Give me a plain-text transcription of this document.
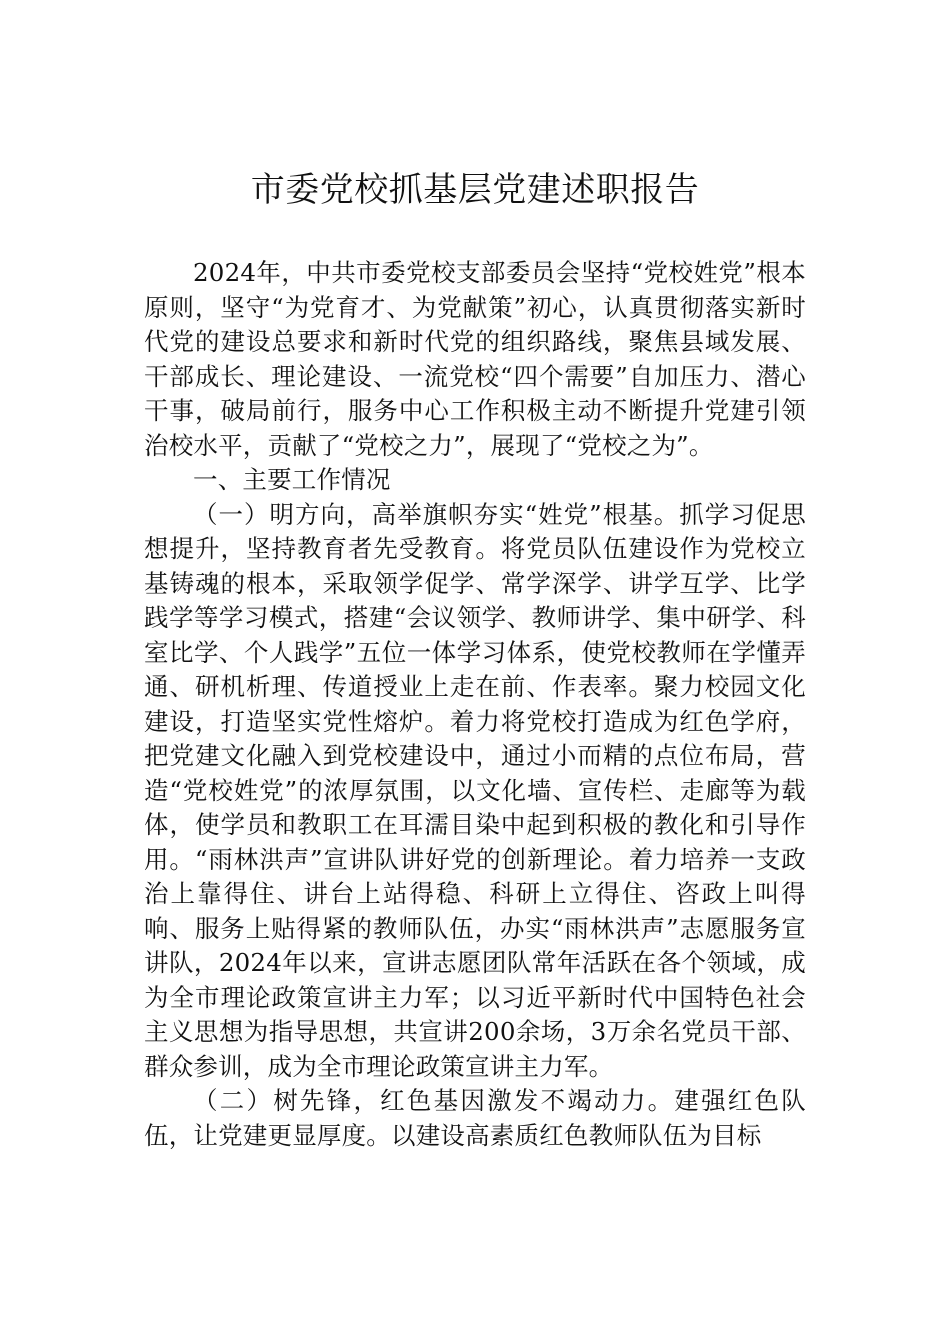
市委党校抓基层党建述职报告

2024年，中共市委党校支部委员会坚持“党校姓党”根本原则，坚守“为党育才、为党献策”初心，认真贯彻落实新时代党的建设总要求和新时代党的组织路线，聚焦县域发展、干部成长、理论建设、一流党校“四个需要”自加压力、潜心干事，破局前行，服务中心工作积极主动不断提升党建引领治校水平，贡献了“党校之力”，展现了“党校之为”。

一、主要工作情况

（一）明方向，高举旗帜夯实“姓党”根基。抓学习促思想提升，坚持教育者先受教育。将党员队伍建设作为党校立基铸魂的根本，采取领学促学、常学深学、讲学互学、比学践学等学习模式，搭建“会议领学、教师讲学、集中研学、科室比学、个人践学”五位一体学习体系，使党校教师在学懂弄通、研机析理、传道授业上走在前、作表率。聚力校园文化建设，打造坚实党性熔炉。着力将党校打造成为红色学府，把党建文化融入到党校建设中，通过小而精的点位布局，营造“党校姓党”的浓厚氛围，以文化墙、宣传栏、走廊等为载体，使学员和教职工在耳濡目染中起到积极的教化和引导作用。“雨林洪声”宣讲队讲好党的创新理论。着力培养一支政治上靠得住、讲台上站得稳、科研上立得住、咨政上叫得响、服务上贴得紧的教师队伍，办实“雨林洪声”志愿服务宣讲队，2024年以来，宣讲志愿团队常年活跃在各个领域，成为全市理论政策宣讲主力军；以习近平新时代中国特色社会主义思想为指导思想，共宣讲200余场，3万余名党员干部、群众参训，成为全市理论政策宣讲主力军。

（二）树先锋，红色基因激发不竭动力。建强红色队伍，让党建更显厚度。以建设高素质红色教师队伍为目标
